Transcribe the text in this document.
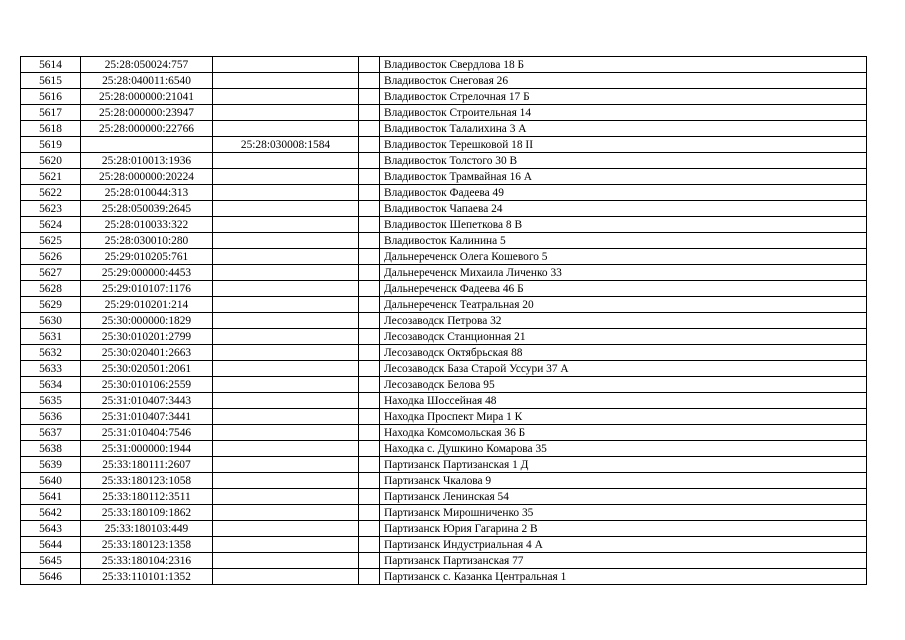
5614	25:28:050024:757			Владивосток Свердлова 18 Б
5615	25:28:040011:6540			Владивосток Снеговая 26
5616	25:28:000000:21041			Владивосток Стрелочная 17 Б
5617	25:28:000000:23947			Владивосток Строительная 14
5618	25:28:000000:22766			Владивосток Талалихина 3 А
5619		25:28:030008:1584		Владивосток Терешковой 18 II
5620	25:28:010013:1936			Владивосток Толстого 30 В
5621	25:28:000000:20224			Владивосток Трамвайная 16 А
5622	25:28:010044:313			Владивосток Фадеева 49
5623	25:28:050039:2645			Владивосток Чапаева 24
5624	25:28:010033:322			Владивосток Шепеткова 8 В
5625	25:28:030010:280			Владивосток Калинина 5
5626	25:29:010205:761			Дальнереченск Олега Кошевого 5
5627	25:29:000000:4453			Дальнереченск Михаила Личенко 33
5628	25:29:010107:1176			Дальнереченск Фадеева 46 Б
5629	25:29:010201:214			Дальнереченск Театральная 20
5630	25:30:000000:1829			Лесозаводск Петрова 32
5631	25:30:010201:2799			Лесозаводск Станционная 21
5632	25:30:020401:2663			Лесозаводск Октябрьская 88
5633	25:30:020501:2061			Лесозаводск База Старой Уссури 37 А
5634	25:30:010106:2559			Лесозаводск Белова 95
5635	25:31:010407:3443			Находка Шоссейная 48
5636	25:31:010407:3441			Находка Проспект Мира 1 К
5637	25:31:010404:7546			Находка Комсомольская 36 Б
5638	25:31:000000:1944			Находка с. Душкино Комарова 35
5639	25:33:180111:2607			Партизанск Партизанская 1 Д
5640	25:33:180123:1058			Партизанск Чкалова 9
5641	25:33:180112:3511			Партизанск Ленинская 54
5642	25:33:180109:1862			Партизанск Мирошниченко 35
5643	25:33:180103:449			Партизанск Юрия Гагарина 2 В
5644	25:33:180123:1358			Партизанск Индустриальная 4 А
5645	25:33:180104:2316			Партизанск Партизанская 77
5646	25:33:110101:1352			Партизанск с. Казанка Центральная 1
